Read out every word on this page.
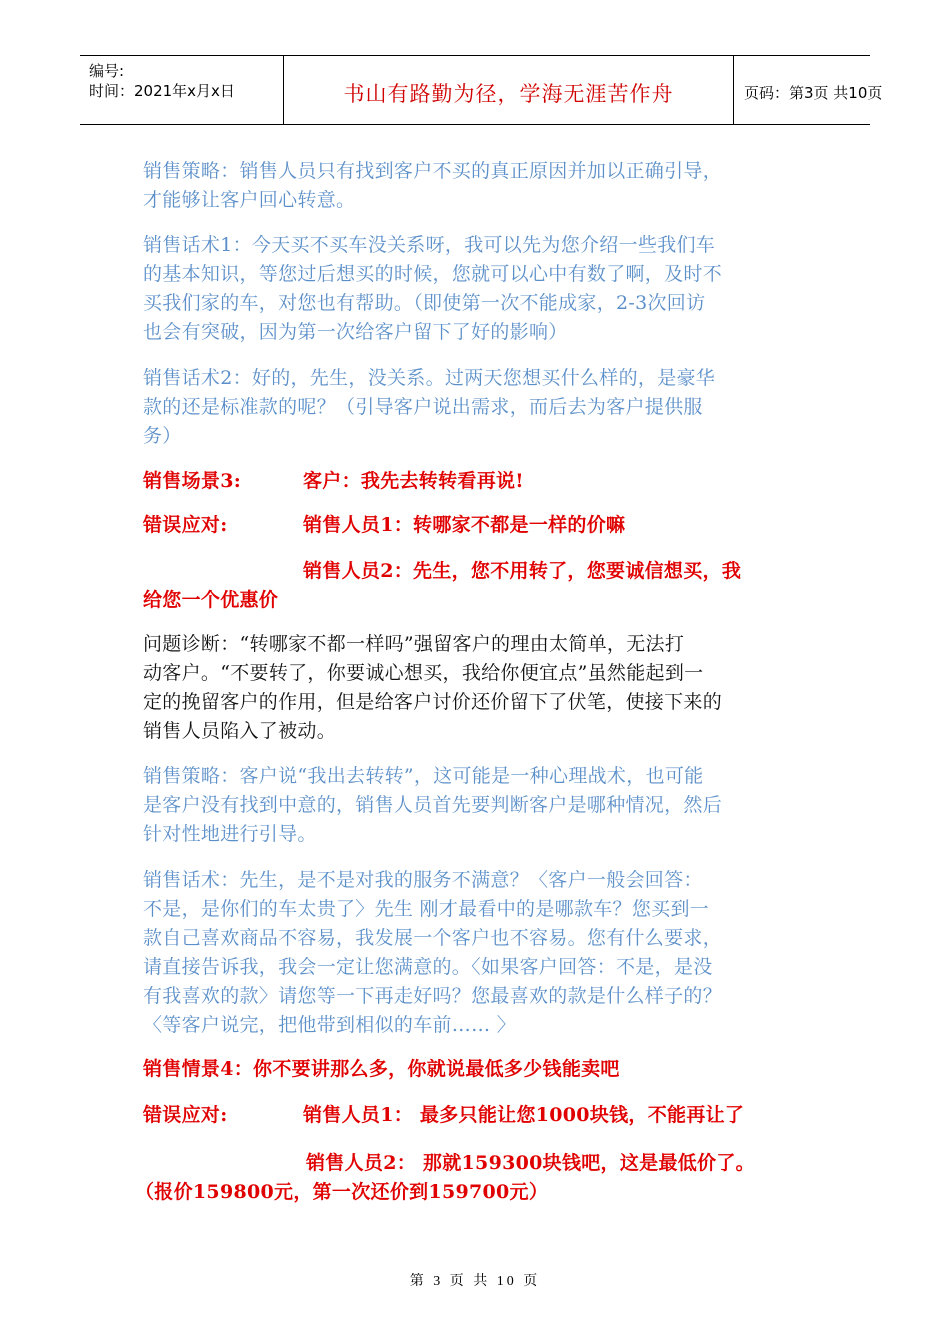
编号:
时间：2021年x月x日	书山有路勤为径，学海无涯苦作舟	页码：第3页 共10页
销售策略：销售人员只有找到客户不买的真正原因并加以正确引导，
才能够让客户回心转意。
销售话术1：今天买不买车没关系呀，我可以先为您介绍一些我们车
的基本知识，等您过后想买的时候，您就可以心中有数了啊，及时不
买我们家的车，对您也有帮助。（即使第一次不能成家，2-3次回访
也会有突破，因为第一次给客户留下了好的影响）
销售话术2：好的，先生，没关系。过两天您想买什么样的，是豪华
款的还是标准款的呢？（引导客户说出需求，而后去为客户提供服
务）
销售场景3:	客户：我先去转转看再说!
错误应对:	销售人员1：转哪家不都是一样的价嘛
销售人员2：先生，您不用转了，您要诚信想买，我
给您一个优惠价
问题诊断：“转哪家不都一样吗”强留客户的理由太简单，无法打
动客户。“不要转了，你要诚心想买，我给你便宜点”虽然能起到一
定的挽留客户的作用，但是给客户讨价还价留下了伏笔，使接下来的
销售人员陷入了被动。
销售策略：客户说“我出去转转”，这可能是一种心理战术，也可能
是客户没有找到中意的，销售人员首先要判断客户是哪种情况，然后
针对性地进行引导。
销售话术：先生，是不是对我的服务不满意？〈客户一般会回答：
不是，是你们的车太贵了〉先生 刚才最看中的是哪款车？您买到一
款自己喜欢商品不容易，我发展一个客户也不容易。您有什么要求，
请直接告诉我，我会一定让您满意的。〈如果客户回答：不是，是没
有我喜欢的款〉请您等一下再走好吗？您最喜欢的款是什么样子的？
〈等客户说完，把他带到相似的车前…… 〉
销售情景4：你不要讲那么多，你就说最低多少钱能卖吧
错误应对:	销售人员1： 最多只能让您1000块钱，不能再让了
销售人员2： 那就159300块钱吧，这是最低价了。
（报价159800元，第一次还价到159700元）
第 3 页 共 10 页
